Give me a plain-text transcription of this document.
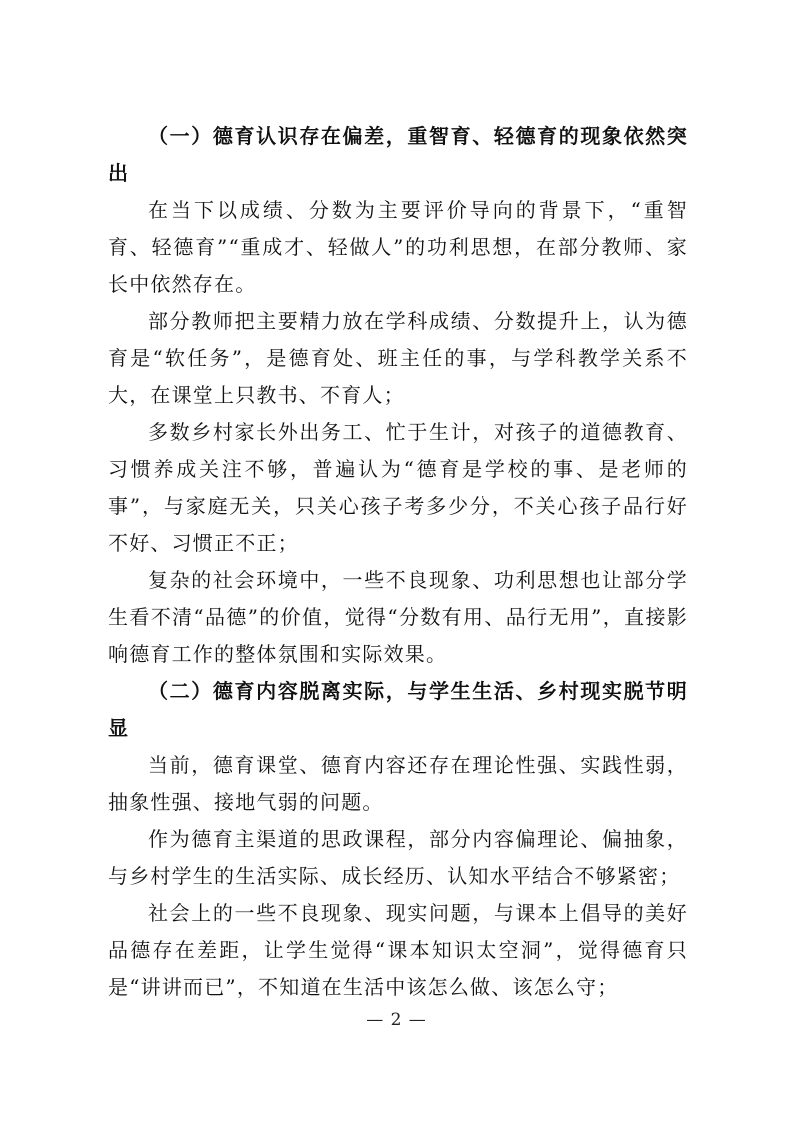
（一）德育认识存在偏差，重智育、轻德育的现象依然突出

在当下以成绩、分数为主要评价导向的背景下，“重智育、轻德育”“重成才、轻做人”的功利思想，在部分教师、家长中依然存在。

部分教师把主要精力放在学科成绩、分数提升上，认为德育是“软任务”，是德育处、班主任的事，与学科教学关系不大，在课堂上只教书、不育人；

多数乡村家长外出务工、忙于生计，对孩子的道德教育、习惯养成关注不够，普遍认为“德育是学校的事、是老师的事”，与家庭无关，只关心孩子考多少分，不关心孩子品行好不好、习惯正不正；

复杂的社会环境中，一些不良现象、功利思想也让部分学生看不清“品德”的价值，觉得“分数有用、品行无用”，直接影响德育工作的整体氛围和实际效果。

（二）德育内容脱离实际，与学生生活、乡村现实脱节明显

当前，德育课堂、德育内容还存在理论性强、实践性弱，抽象性强、接地气弱的问题。

作为德育主渠道的思政课程，部分内容偏理论、偏抽象，与乡村学生的生活实际、成长经历、认知水平结合不够紧密；

社会上的一些不良现象、现实问题，与课本上倡导的美好品德存在差距，让学生觉得“课本知识太空洞”，觉得德育只是“讲讲而已”，不知道在生活中该怎么做、该怎么守；

— 2 —
